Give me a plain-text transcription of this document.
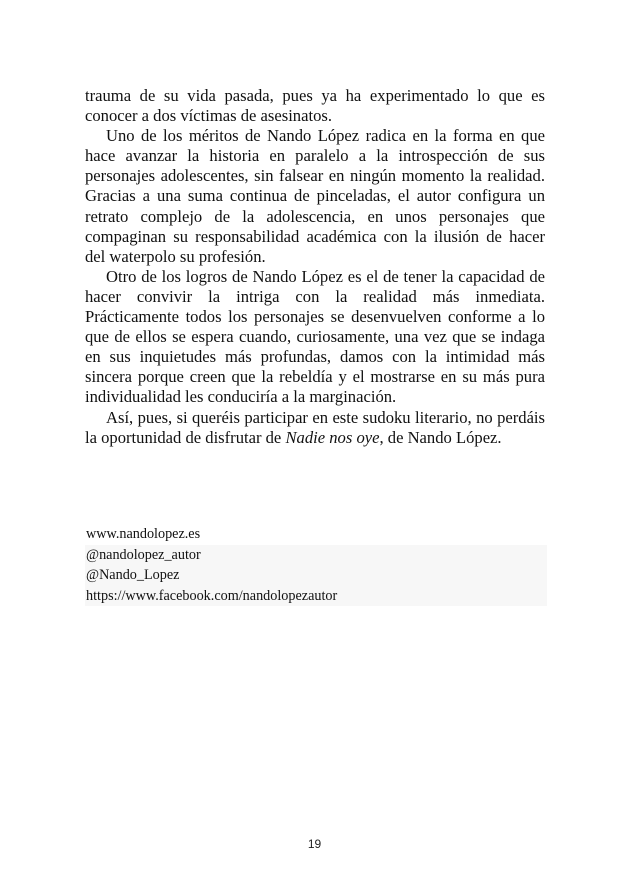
trauma de su vida pasada, pues ya ha experimentado lo que es conocer a dos víctimas de asesinatos.

Uno de los méritos de Nando López radica en la forma en que hace avanzar la historia en paralelo a la introspección de sus personajes adolescentes, sin falsear en ningún momento la realidad. Gracias a una suma continua de pinceladas, el autor configura un retrato complejo de la adolescencia, en unos personajes que compaginan su responsabilidad académica con la ilusión de hacer del waterpolo su profesión.

Otro de los logros de Nando López es el de tener la capacidad de hacer convivir la intriga con la realidad más inmediata. Prácticamente todos los personajes se desenvuelven conforme a lo que de ellos se espera cuando, curiosamente, una vez que se indaga en sus inquietudes más profundas, damos con la intimidad más sincera porque creen que la rebeldía y el mostrarse en su más pura individualidad les conduciría a la marginación.

Así, pues, si queréis participar en este sudoku literario, no perdáis la oportunidad de disfrutar de Nadie nos oye, de Nando López.

www.nandolopez.es
@nandolopez_autor
@Nando_Lopez
https://www.facebook.com/nandolopezautor
19
